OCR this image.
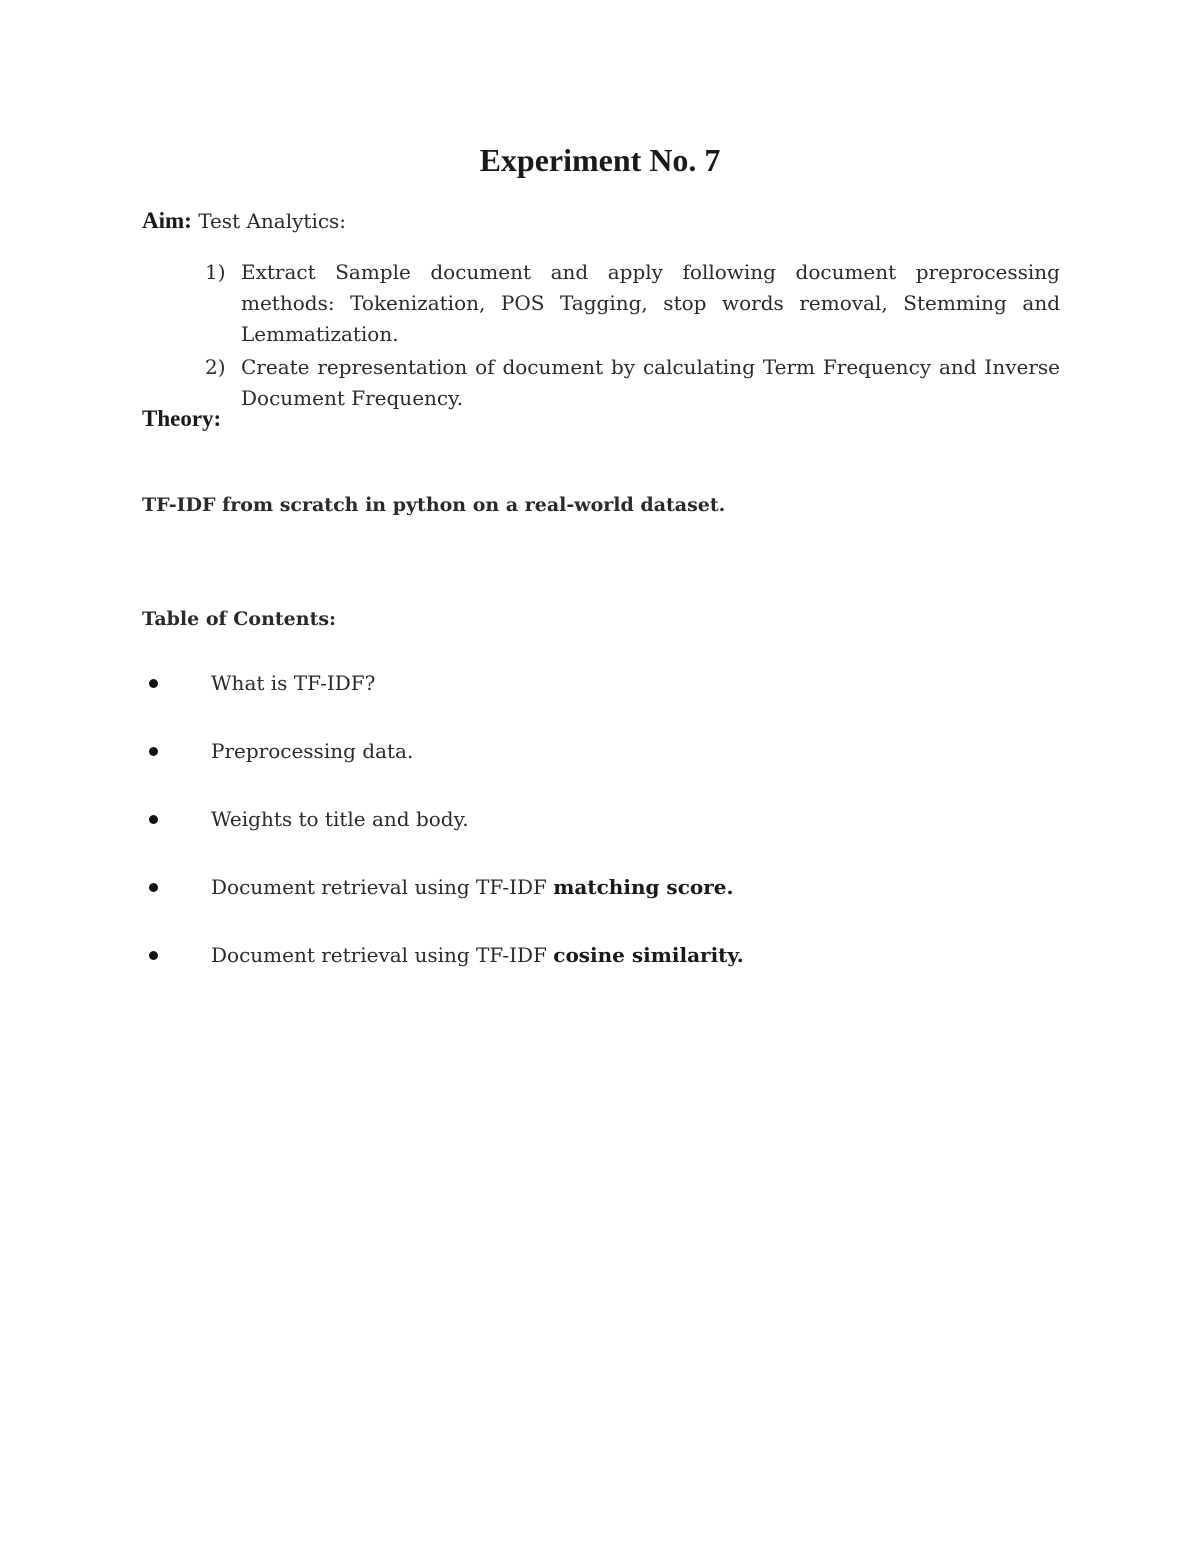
Experiment No. 7
Aim: Test Analytics:
1) Extract Sample document and apply following document preprocessing methods: Tokenization, POS Tagging, stop words removal, Stemming and Lemmatization.
2) Create representation of document by calculating Term Frequency and Inverse Document Frequency.
Theory:
TF-IDF from scratch in python on a real-world dataset.
Table of Contents:
What is TF-IDF?
Preprocessing data.
Weights to title and body.
Document retrieval using TF-IDF matching score.
Document retrieval using TF-IDF cosine similarity.
